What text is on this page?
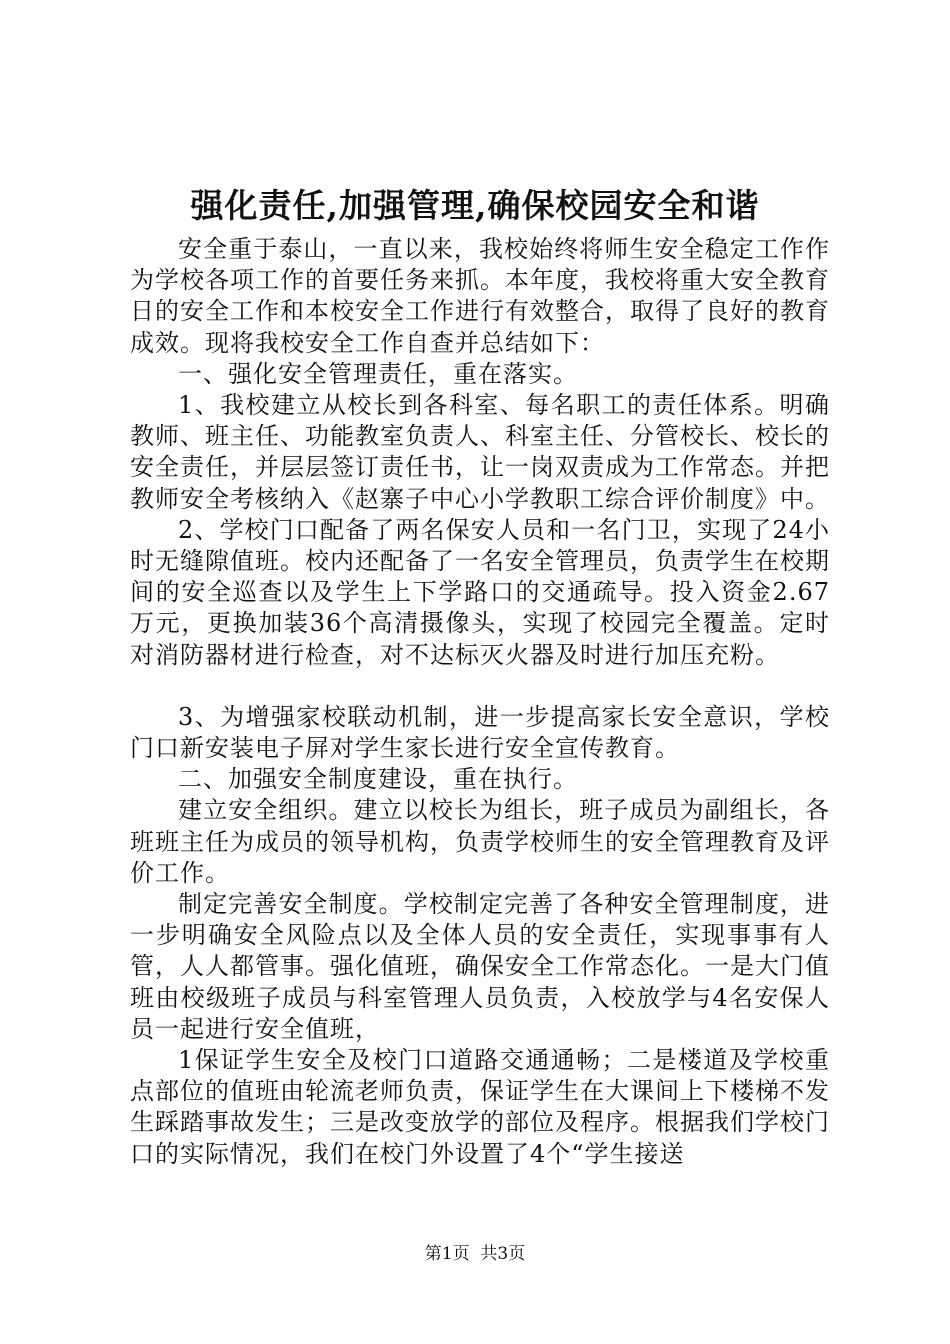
强化责任,加强管理,确保校园安全和谐

安全重于泰山，一直以来，我校始终将师生安全稳定工作作为学校各项工作的首要任务来抓。本年度，我校将重大安全教育日的安全工作和本校安全工作进行有效整合，取得了良好的教育成效。现将我校安全工作自查并总结如下：

一、强化安全管理责任，重在落实。

1、我校建立从校长到各科室、每名职工的责任体系。明确教师、班主任、功能教室负责人、科室主任、分管校长、校长的安全责任，并层层签订责任书，让一岗双责成为工作常态。并把教师安全考核纳入《赵寨子中心小学教职工综合评价制度》中。

2、学校门口配备了两名保安人员和一名门卫，实现了24小时无缝隙值班。校内还配备了一名安全管理员，负责学生在校期间的安全巡查以及学生上下学路口的交通疏导。投入资金2.67万元，更换加装36个高清摄像头，实现了校园完全覆盖。定时对消防器材进行检查，对不达标灭火器及时进行加压充粉。

3、为增强家校联动机制，进一步提高家长安全意识，学校门口新安装电子屏对学生家长进行安全宣传教育。

二、加强安全制度建设，重在执行。

建立安全组织。建立以校长为组长，班子成员为副组长，各班班主任为成员的领导机构，负责学校师生的安全管理教育及评价工作。

制定完善安全制度。学校制定完善了各种安全管理制度，进一步明确安全风险点以及全体人员的安全责任，实现事事有人管，人人都管事。强化值班，确保安全工作常态化。一是大门值班由校级班子成员与科室管理人员负责，入校放学与4名安保人员一起进行安全值班，

1保证学生安全及校门口道路交通通畅；二是楼道及学校重点部位的值班由轮流老师负责，保证学生在大课间上下楼梯不发生踩踏事故发生；三是改变放学的部位及程序。根据我们学校门口的实际情况，我们在校门外设置了4个“学生接送

第1页  共3页
